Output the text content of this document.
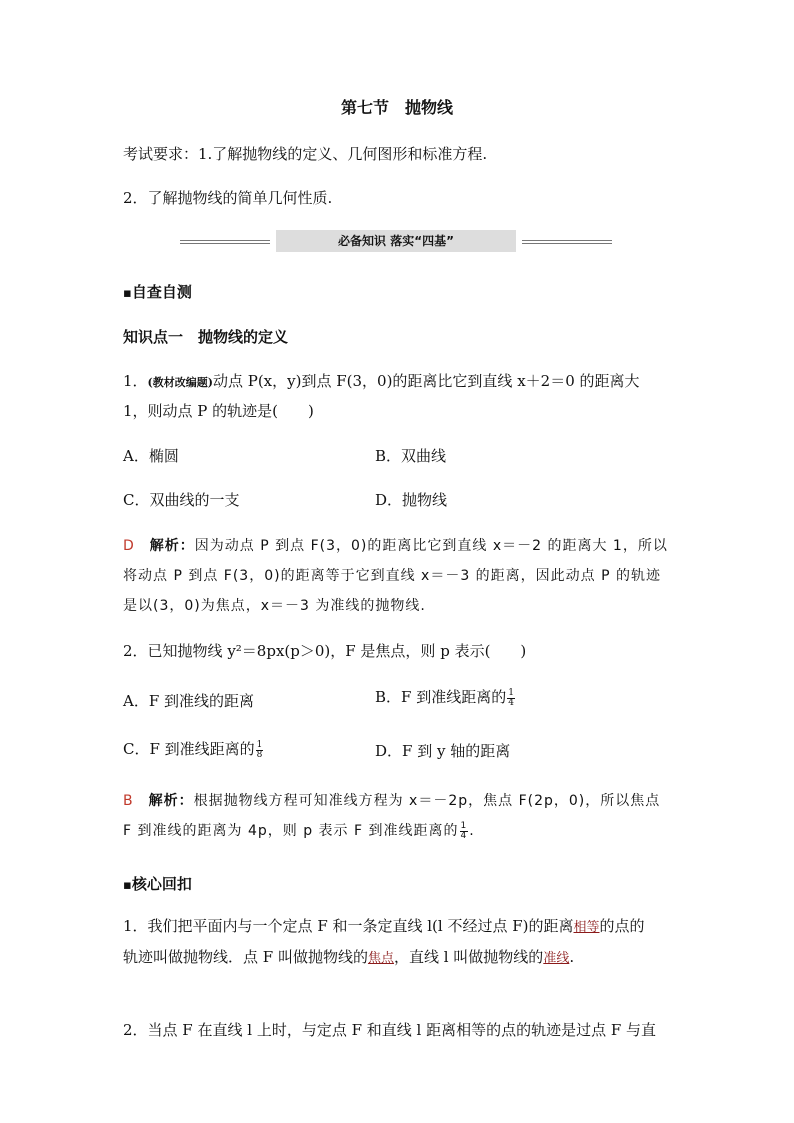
第七节　抛物线
考试要求：1.了解抛物线的定义、几何图形和标准方程.
2．了解抛物线的简单几何性质.
必备知识 落实“四基”
▪自查自测
知识点一　抛物线的定义
1．(教材改编题)动点 P(x，y)到点 F(3，0)的距离比它到直线 x＋2＝0 的距离大
1，则动点 P 的轨迹是(　　)
A．椭圆	B．双曲线
C．双曲线的一支	D．抛物线
D　 解析：因为动点 P 到点 F(3，0)的距离比它到直线 x＝－2 的距离大 1，所以
将动点 P 到点 F(3，0)的距离等于它到直线 x＝－3 的距离，因此动点 P 的轨迹
是以(3，0)为焦点，x＝－3 为准线的抛物线.
2．已知抛物线 y²＝8px(p＞0)，F 是焦点，则 p 表示(　　)
A．F 到准线的距离	B．F 到准线距离的 $\frac{1}{4}$
C．F 到准线距离的 $\frac{1}{8}$	D．F 到 y 轴的距离
B　 解析：根据抛物线方程可知准线方程为 x＝－2p，焦点 F(2p，0)，所以焦点
F 到准线的距离为 4p，则 p 表示 F 到准线距离的 $\frac{1}{4}$ .
▪核心回扣
1．我们把平面内与一个定点 F 和一条定直线 l(l 不经过点 F)的距离相等的点的
轨迹叫做抛物线．点 F 叫做抛物线的焦点，直线 l 叫做抛物线的准线.
2．当点 F 在直线 l 上时，与定点 F 和直线 l 距离相等的点的轨迹是过点 F 与直
